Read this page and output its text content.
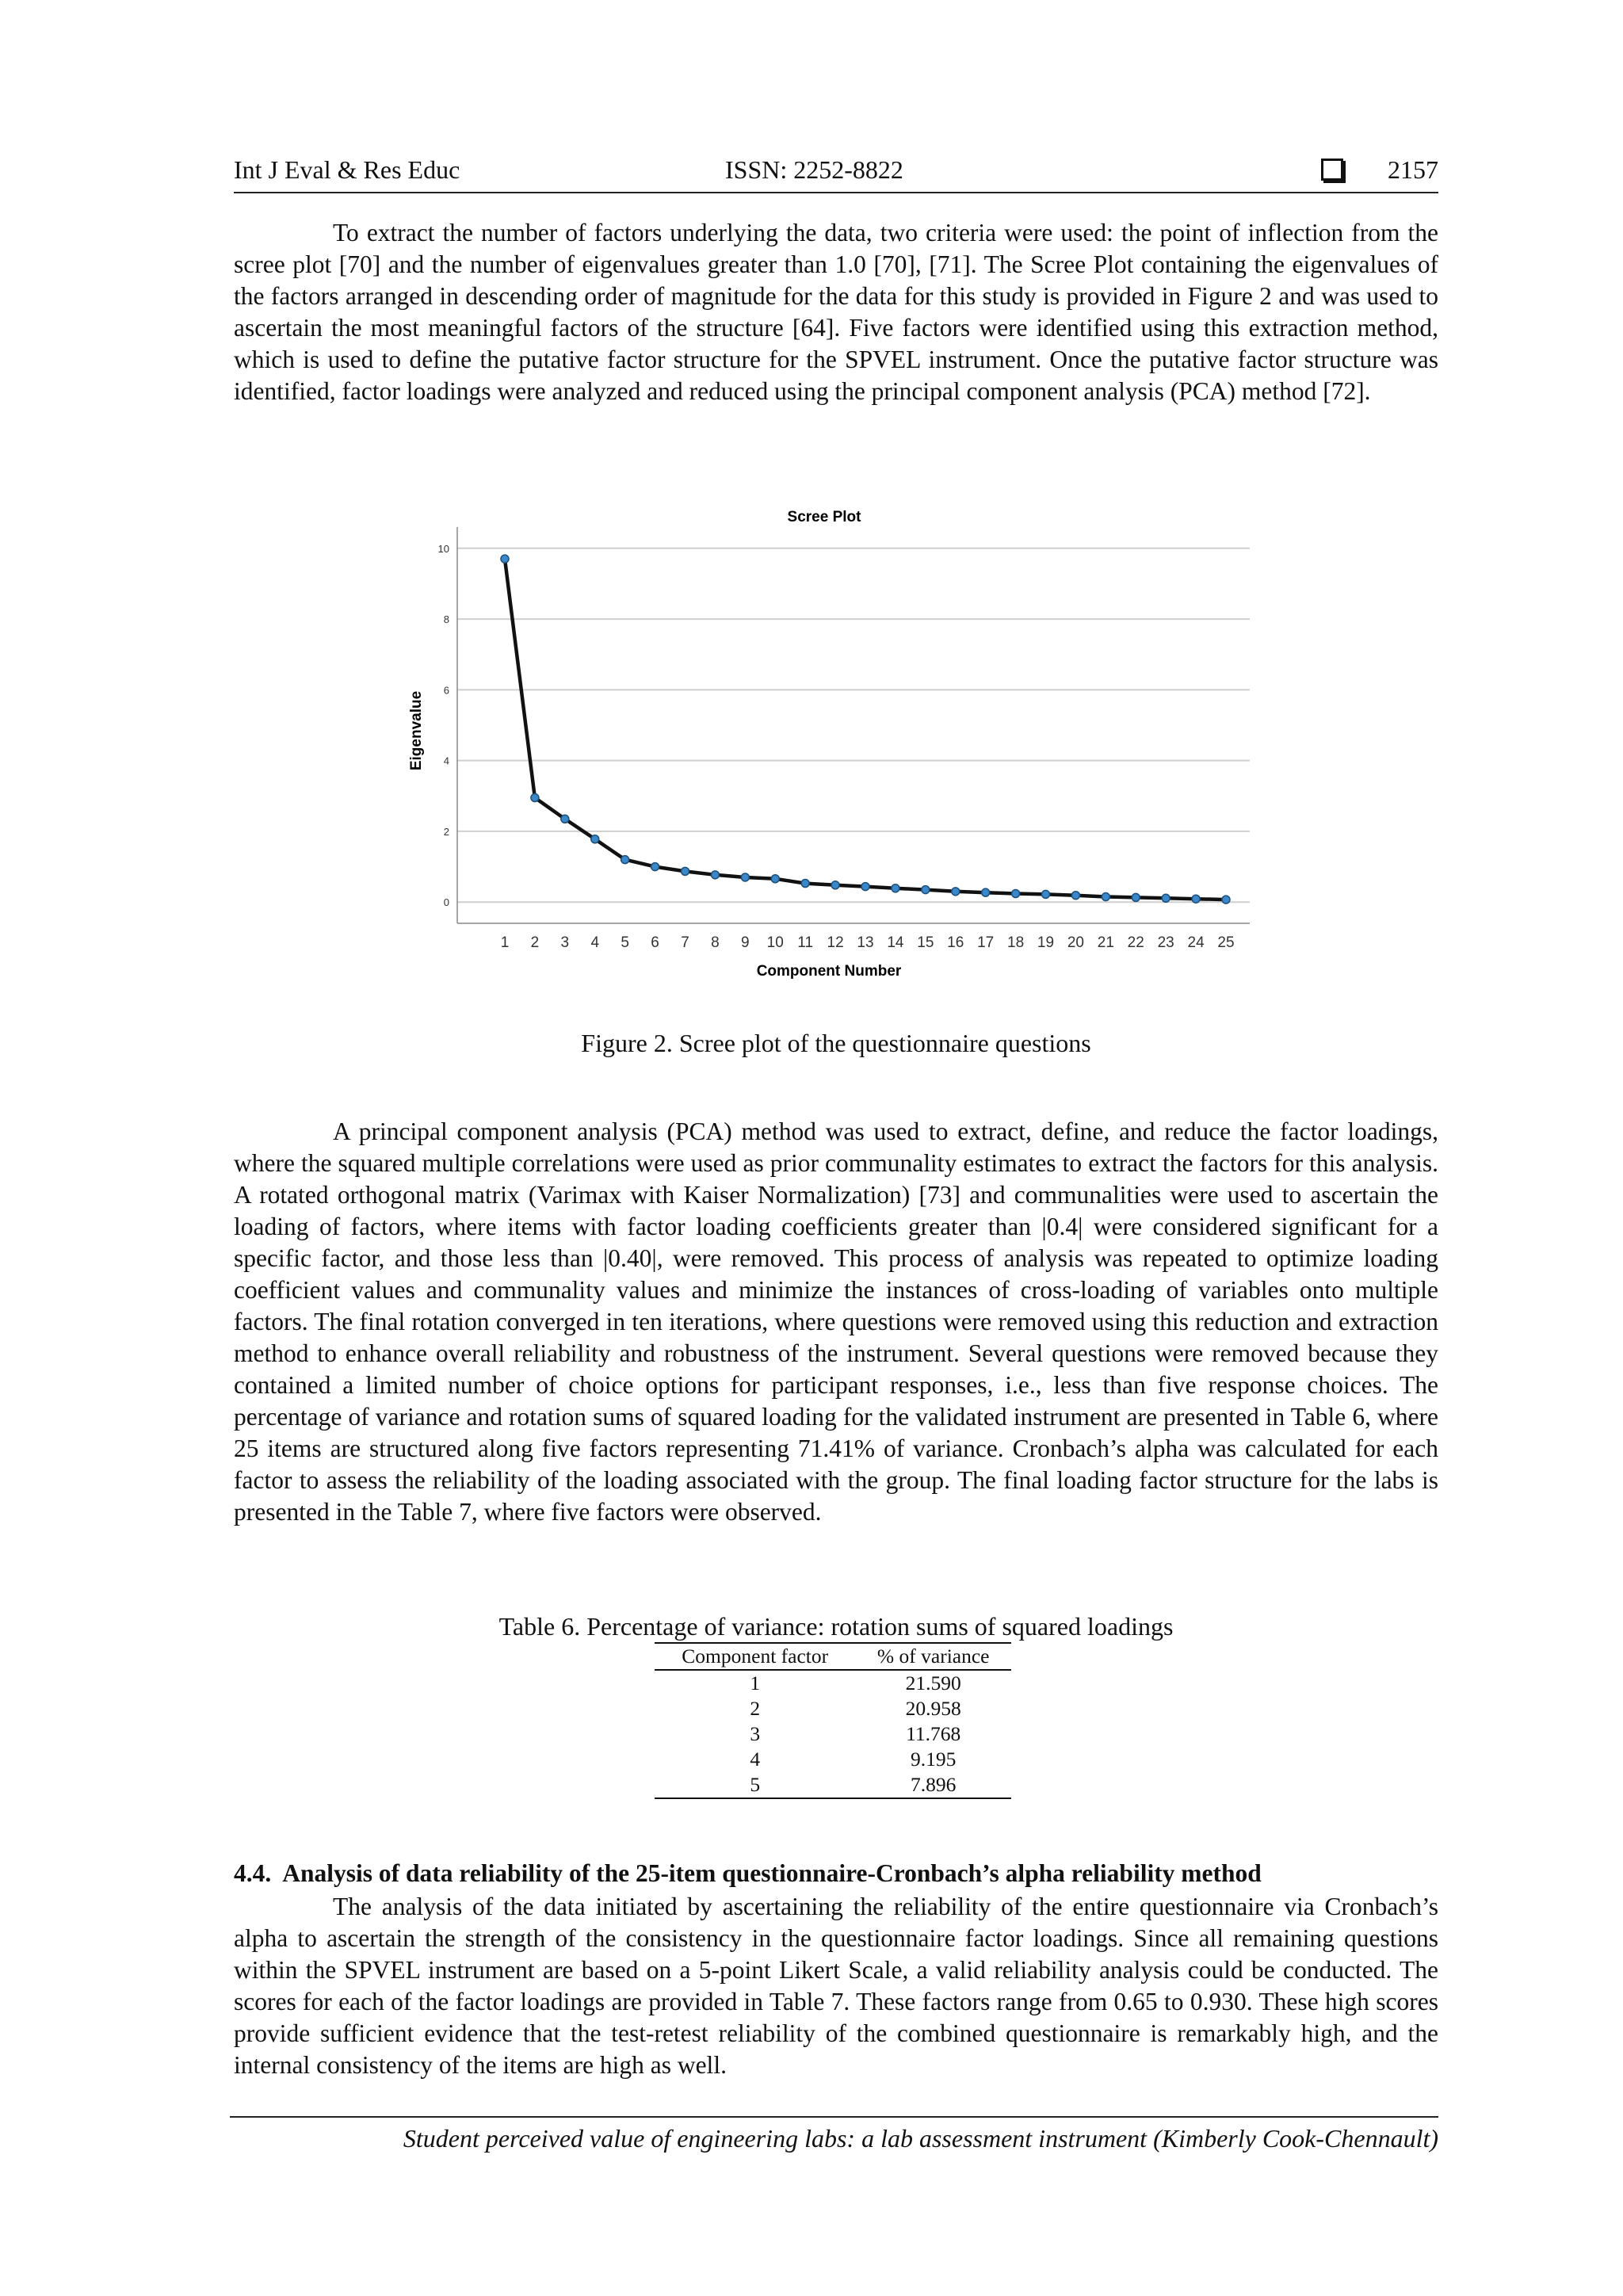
Int J Eval & Res Educ	ISSN: 2252-8822	2157

To extract the number of factors underlying the data, two criteria were used: the point of inflection from the scree plot [70] and the number of eigenvalues greater than 1.0 [70], [71]. The Scree Plot containing the eigenvalues of the factors arranged in descending order of magnitude for the data for this study is provided in Figure 2 and was used to ascertain the most meaningful factors of the structure [64]. Five factors were identified using this extraction method, which is used to define the putative factor structure for the SPVEL instrument. Once the putative factor structure was identified, factor loadings were analyzed and reduced using the principal component analysis (PCA) method [72].

Scree Plot
Eigenvalue
Component Number
0
2
4
6
8
10
1 2 3 4 5 6 7 8 9 10 11 12 13 14 15 16 17 18 19 20 21 22 23 24 25

Figure 2. Scree plot of the questionnaire questions

A principal component analysis (PCA) method was used to extract, define, and reduce the factor loadings, where the squared multiple correlations were used as prior communality estimates to extract the factors for this analysis. A rotated orthogonal matrix (Varimax with Kaiser Normalization) [73] and communalities were used to ascertain the loading of factors, where items with factor loading coefficients greater than |0.4| were considered significant for a specific factor, and those less than |0.40|, were removed. This process of analysis was repeated to optimize loading coefficient values and communality values and minimize the instances of cross-loading of variables onto multiple factors. The final rotation converged in ten iterations, where questions were removed using this reduction and extraction method to enhance overall reliability and robustness of the instrument. Several questions were removed because they contained a limited number of choice options for participant responses, i.e., less than five response choices. The percentage of variance and rotation sums of squared loading for the validated instrument are presented in Table 6, where 25 items are structured along five factors representing 71.41% of variance. Cronbach’s alpha was calculated for each factor to assess the reliability of the loading associated with the group. The final loading factor structure for the labs is presented in the Table 7, where five factors were observed.

Table 6. Percentage of variance: rotation sums of squared loadings

Component factor	% of variance
1	21.590
2	20.958
3	11.768
4	9.195
5	7.896

4.4.  Analysis of data reliability of the 25-item questionnaire-Cronbach’s alpha reliability method

The analysis of the data initiated by ascertaining the reliability of the entire questionnaire via Cronbach’s alpha to ascertain the strength of the consistency in the questionnaire factor loadings. Since all remaining questions within the SPVEL instrument are based on a 5-point Likert Scale, a valid reliability analysis could be conducted. The scores for each of the factor loadings are provided in Table 7. These factors range from 0.65 to 0.930. These high scores provide sufficient evidence that the test-retest reliability of the combined questionnaire is remarkably high, and the internal consistency of the items are high as well.

Student perceived value of engineering labs: a lab assessment instrument (Kimberly Cook-Chennault)
